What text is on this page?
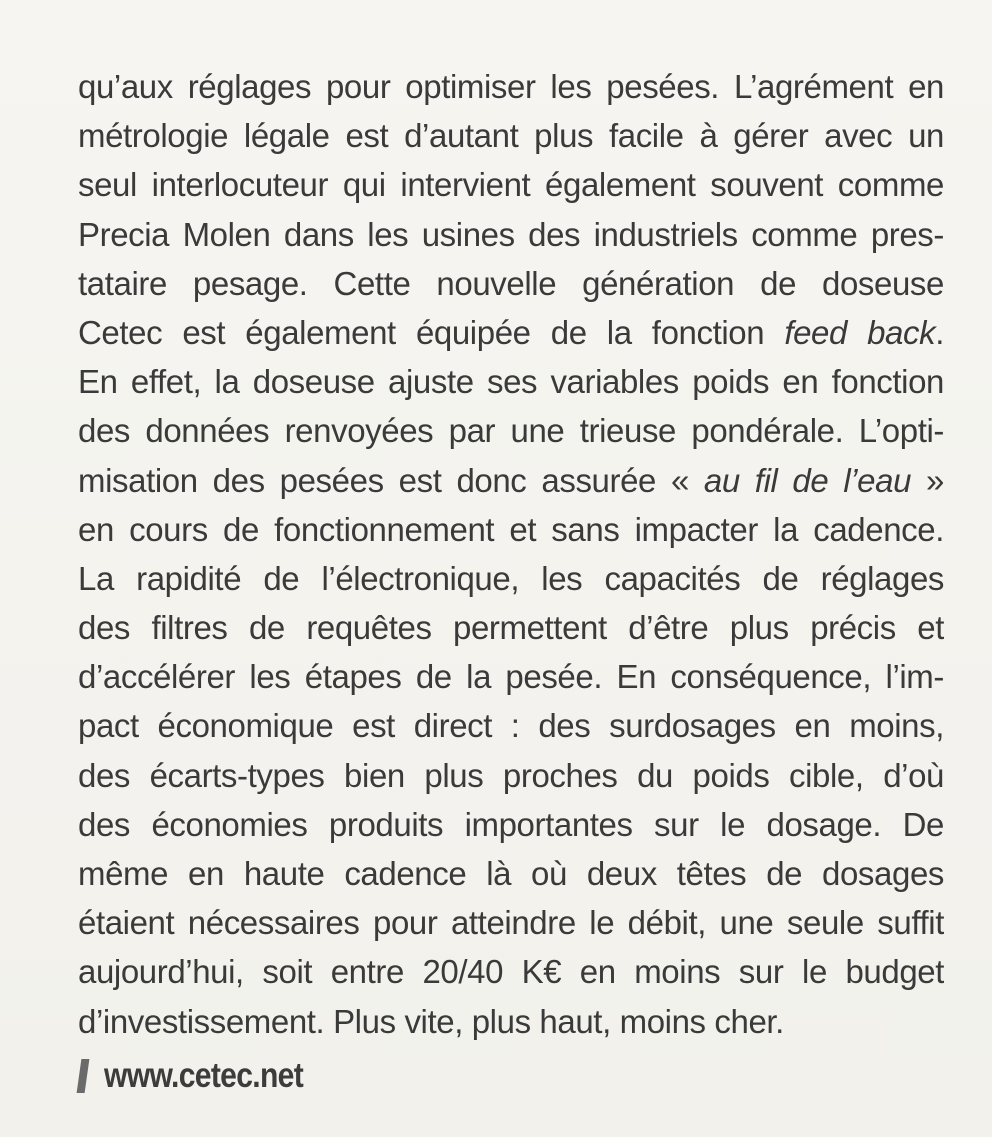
qu’aux réglages pour optimiser les pesées. L’agrément en
métrologie légale est d’autant plus facile à gérer avec un
seul interlocuteur qui intervient également souvent comme
Precia Molen dans les usines des industriels comme pres-
tataire pesage. Cette nouvelle génération de doseuse
Cetec est également équipée de la fonction feed back.
En effet, la doseuse ajuste ses variables poids en fonction
des données renvoyées par une trieuse pondérale. L’opti-
misation des pesées est donc assurée « au fil de l’eau »
en cours de fonctionnement et sans impacter la cadence.
La rapidité de l’électronique, les capacités de réglages
des filtres de requêtes permettent d’être plus précis et
d’accélérer les étapes de la pesée. En conséquence, l’im-
pact économique est direct : des surdosages en moins,
des écarts-types bien plus proches du poids cible, d’où
des économies produits importantes sur le dosage. De
même en haute cadence là où deux têtes de dosages
étaient nécessaires pour atteindre le débit, une seule suffit
aujourd’hui, soit entre 20/40 K€ en moins sur le budget
d’investissement. Plus vite, plus haut, moins cher.
www.cetec.net
